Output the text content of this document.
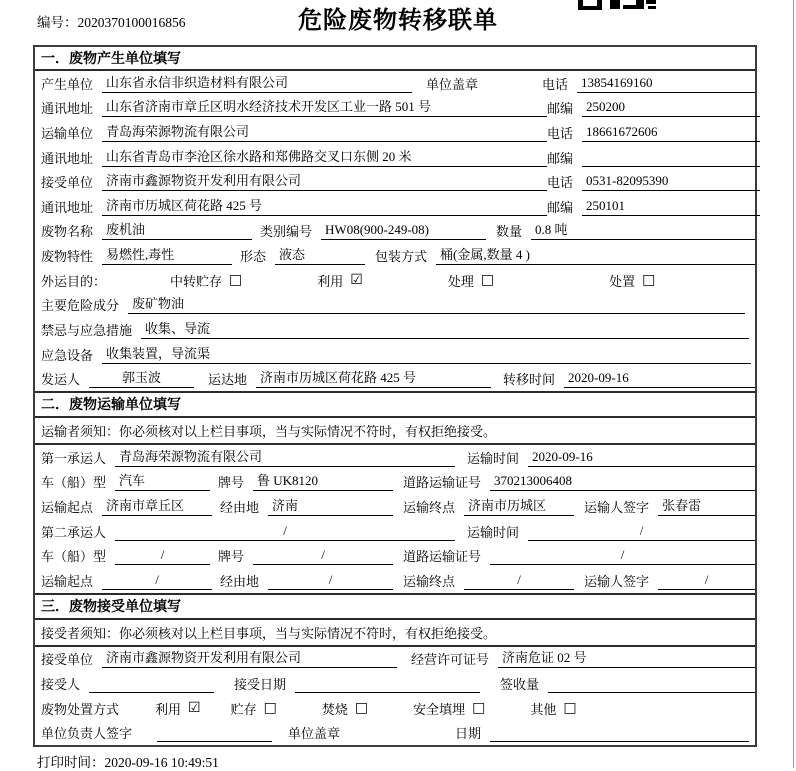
编号：2020370100016856	危险废物转移联单
一．废物产生单位填写
产生单位	山东省永信非织造材料有限公司	单位盖章	电话	13854169160
通讯地址	山东省济南市章丘区明水经济技术开发区工业一路 501 号	邮编	250200
运输单位	青岛海荣源物流有限公司	电话	18661672606
通讯地址	山东省青岛市李沧区徐水路和郑佛路交叉口东侧 20 米	邮编
接受单位	济南市鑫源物资开发利用有限公司	电话	0531-82095390
通讯地址	济南市历城区荷花路 425 号	邮编	250101
废物名称	废机油	类别编号	HW08(900-249-08)	数量	0.8 吨
废物特性	易燃性,毒性	形态	液态	包装方式	桶(金属,数量 4 )
外运目的：	中转贮存 □	利用 ☑	处理 □	处置 □
主要危险成分	废矿物油
禁忌与应急措施	收集、导流
应急设备	收集装置，导流渠
发运人	郭玉波	运达地	济南市历城区荷花路 425 号	转移时间	2020-09-16
二．废物运输单位填写
运输者须知：你必须核对以上栏目事项，当与实际情况不符时，有权拒绝接受。
第一承运人	青岛海荣源物流有限公司	运输时间	2020-09-16
车（船）型	汽车	牌号	鲁 UK8120	道路运输证号	370213006408
运输起点	济南市章丘区	经由地	济南	运输终点	济南市历城区	运输人签字	张春雷
第二承运人	/	运输时间	/
车（船）型	/	牌号	/	道路运输证号	/
运输起点	/	经由地	/	运输终点	/	运输人签字	/
三．废物接受单位填写
接受者须知：你必须核对以上栏目事项，当与实际情况不符时，有权拒绝接受。
接受单位	济南市鑫源物资开发利用有限公司	经营许可证号	济南危证 02 号
接受人	接受日期	签收量
废物处置方式	利用 ☑ 贮存 □	焚烧 □	安全填埋 □	其他 □
单位负责人签字	单位盖章	日期
打印时间：2020-09-16 10:49:51
